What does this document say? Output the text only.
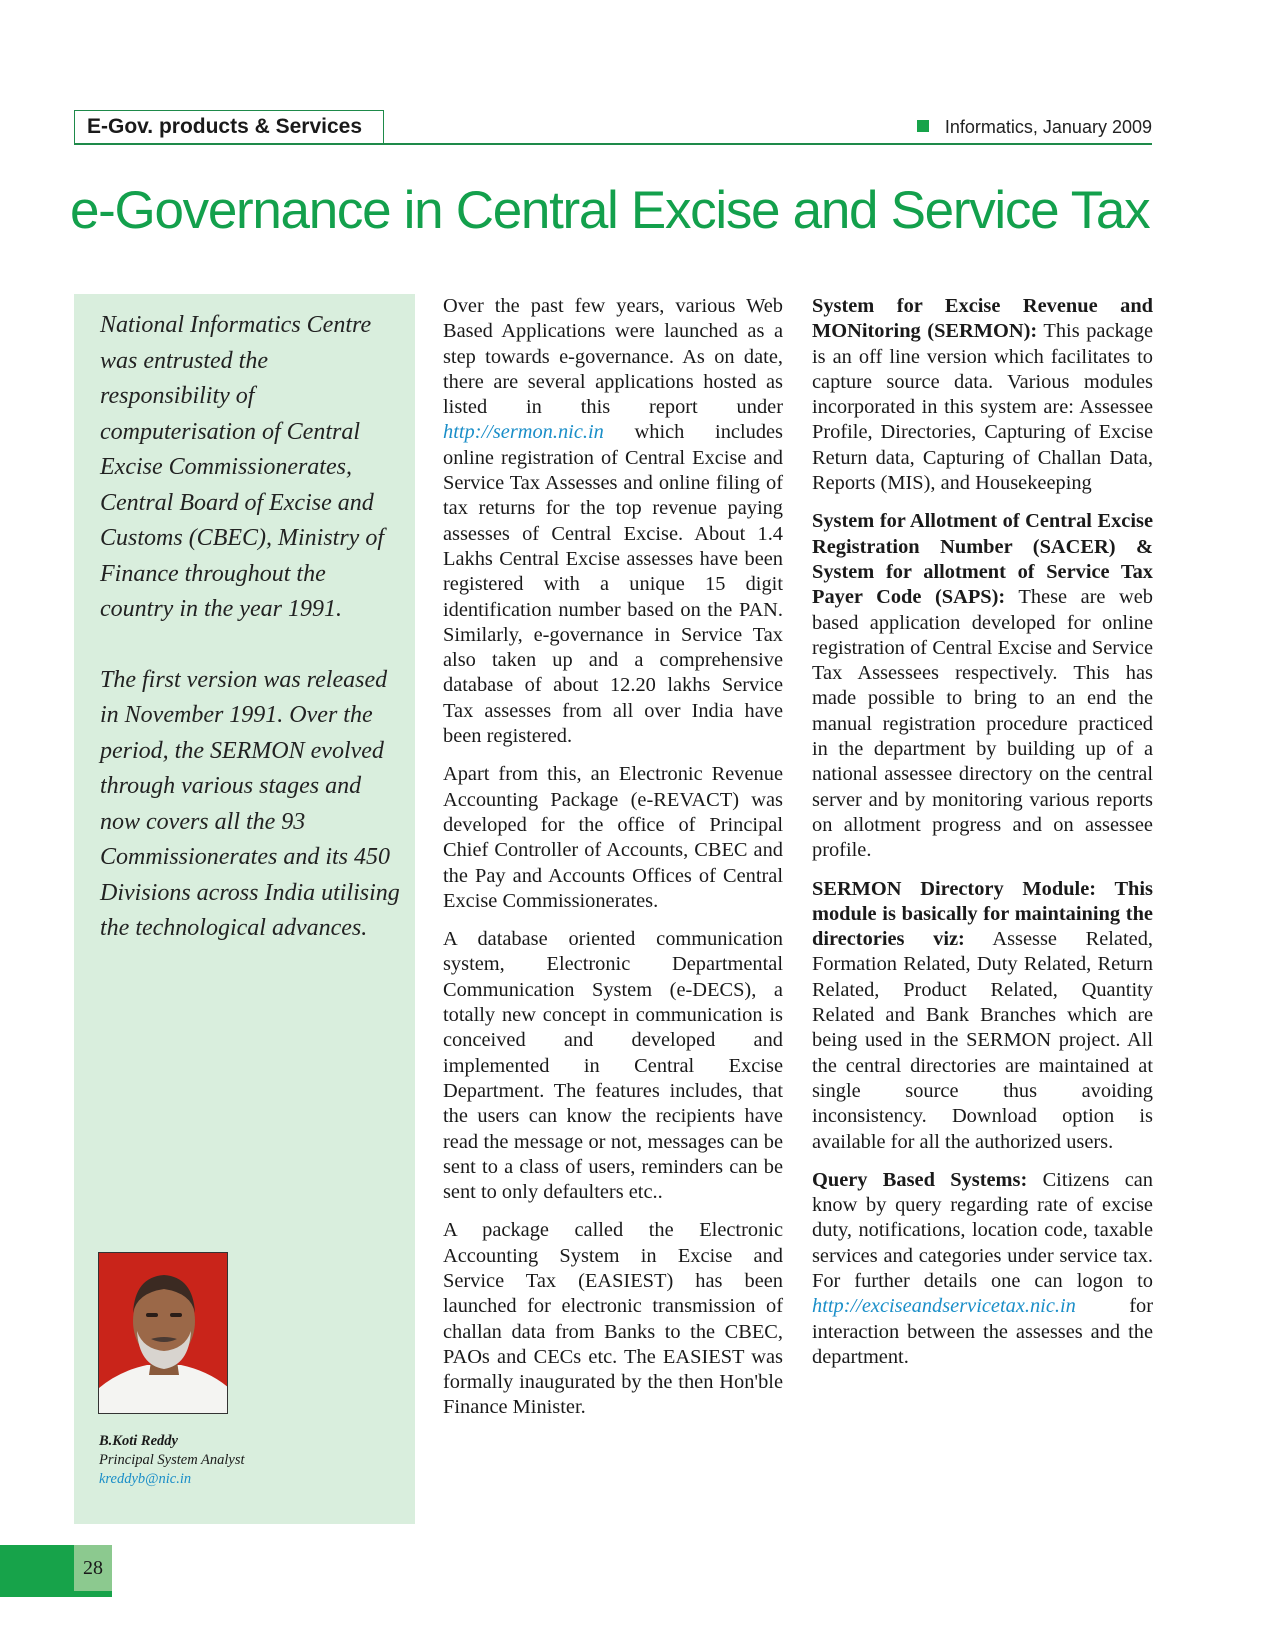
E-Gov. products & Services	Informatics, January 2009
e-Governance in Central Excise and Service Tax

National Informatics Centre was entrusted the responsibility of computerisation of Central Excise Commissionerates, Central Board of Excise and Customs (CBEC), Ministry of Finance throughout the country in the year 1991.

The first version was released in November 1991. Over the period, the SERMON evolved through various stages and now covers all the 93 Commissionerates and its 450 Divisions across India utilising the technological advances.

B.Koti Reddy
Principal System Analyst
kreddyb@nic.in

Over the past few years, various Web Based Applications were launched as a step towards e-governance. As on date, there are several applications hosted as listed in this report under http://sermon.nic.in which includes online registration of Central Excise and Service Tax Assesses and online filing of tax returns for the top revenue paying assesses of Central Excise. About 1.4 Lakhs Central Excise assesses have been registered with a unique 15 digit identification number based on the PAN. Similarly, e-governance in Service Tax also taken up and a comprehensive database of about 12.20 lakhs Service Tax assesses from all over India have been registered.

Apart from this, an Electronic Revenue Accounting Package (e-REVACT) was developed for the office of Principal Chief Controller of Accounts, CBEC and the Pay and Accounts Offices of Central Excise Commissionerates.

A database oriented communication system, Electronic Departmental Communication System (e-DECS), a totally new concept in communication is conceived and developed and implemented in Central Excise Department. The features includes, that the users can know the recipients have read the message or not, messages can be sent to a class of users, reminders can be sent to only defaulters etc..

A package called the Electronic Accounting System in Excise and Service Tax (EASIEST) has been launched for electronic transmission of challan data from Banks to the CBEC, PAOs and CECs etc. The EASIEST was formally inaugurated by the then Hon'ble Finance Minister.

System for Excise Revenue and MONitoring (SERMON): This package is an off line version which facilitates to capture source data. Various modules incorporated in this system are: Assessee Profile, Directories, Capturing of Excise Return data, Capturing of Challan Data, Reports (MIS), and Housekeeping

System for Allotment of Central Excise Registration Number (SACER) & System for allotment of Service Tax Payer Code (SAPS): These are web based application developed for online registration of Central Excise and Service Tax Assessees respectively. This has made possible to bring to an end the manual registration procedure practiced in the department by building up of a national assessee directory on the central server and by monitoring various reports on allotment progress and on assessee profile.

SERMON Directory Module: This module is basically for maintaining the directories viz: Assesse Related, Formation Related, Duty Related, Return Related, Product Related, Quantity Related and Bank Branches which are being used in the SERMON project. All the central directories are maintained at single source thus avoiding inconsistency. Download option is available for all the authorized users.

Query Based Systems: Citizens can know by query regarding rate of excise duty, notifications, location code, taxable services and categories under service tax. For further details one can logon to http://exciseandservicetax.nic.in for interaction between the assesses and the department.

28
